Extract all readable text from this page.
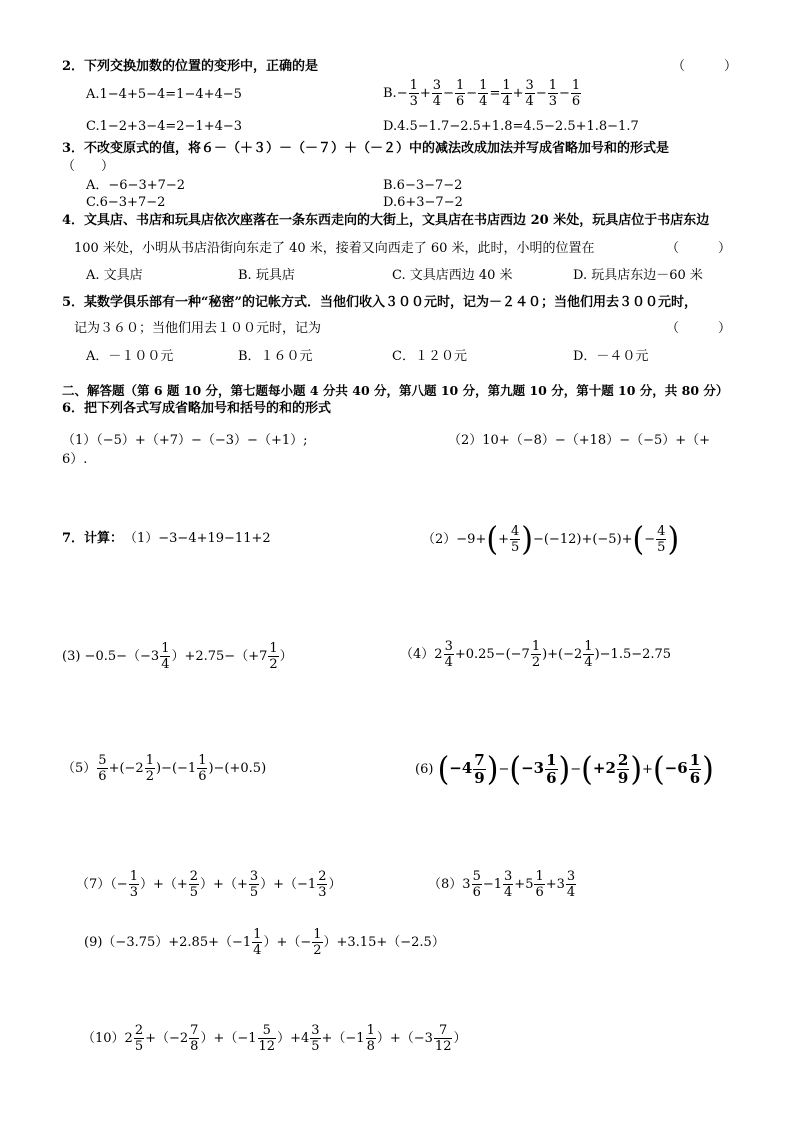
2．下列交换加数的位置的变形中，正确的是	（　　　）
A.1−4+5−4=1−4+4−5	$B.- \frac{1}{3} + \frac{3}{4} - \frac{1}{6} - \frac{1}{4} = \frac{1}{4} + \frac{3}{4} - \frac{1}{3} - \frac{1}{6}$
C.1−2+3−4=2−1+4−3	D.4.5−1.7−2.5+1.8=4.5−2.5+1.8−1.7
3．不改变原式的值，将６－（＋３）－（－７）＋（－２）中的减法改成加法并写成省略加号和的形式是
（　　）
A．−6−3+7−2	B.6−3−7−2
C.6−3+7−2	D.6+3−7−2
4．文具店、书店和玩具店依次座落在一条东西走向的大街上，文具店在书店西边 20 米处，玩具店位于书店东边
100 米处，小明从书店沿街向东走了 40 米，接着又向西走了 60 米，此时，小明的位置在	（　　　）
A. 文具店	B. 玩具店	C. 文具店西边 40 米	D. 玩具店东边－60 米
5．某数学俱乐部有一种“秘密”的记帐方式．当他们收入３００元时，记为－２４０；当他们用去３００元时，
记为３６０；当他们用去１００元时，记为	（　　　）
A．－１００元	B．１６０元	C．１２０元	D．－４０元
二、解答题（第 6 题 10 分，第七题每小题 4 分共 40 分，第八题 10 分，第九题 10 分，第十题 10 分，共 80 分）
6．把下列各式写成省略加号和括号的和的形式
（1）（−5）+（+7）−（−3）−（+1）;	（2）10+（−8）−（+18）−（−5）+（+
6）.
7．计算： （1）−3−4+19−11+2	$(2)-9+(+ \frac{4}{5} )-(-12)+(-5)+(- \frac{4}{5}$ )
$(3) -0.5-(-3 \frac{1}{4} )+2.75-(+7 \frac{1}{2}$ ）	$(4)2 \frac{3}{4} +0.25-(-7 \frac{1}{2} )+(-2 \frac{1}{4} )-1.5-2.75$
$(5) \frac{5}{6} +(-2 \frac{1}{2} )-(-1 \frac{1}{6} )-(+0.5)$	(6) $(-4 \frac{7}{9} )-(-3 \frac{1}{6} )-(+2 \frac{2}{9} )+(-6 \frac{1}{6}$ )
$(7)(- \frac{1}{3}$ ）+（+ $\frac{2}{5}$ ）+（+ $\frac{3}{5} )+(-1 \frac{2}{3}$ ）	$(8)3 \frac{5}{6} -1 \frac{3}{4} +5 \frac{1}{6} +3 \frac{3}{4}$
$(9)(-3.75)+2.85+(-1 \frac{1}{4}$ ）+（− $\frac{1}{2} )+3.15+(-2.5)$
$(10)2 \frac{2}{5} +(-2 \frac{7}{8} )+(-1 \frac{5}{12} )+4 \frac{3}{5} +(-1 \frac{1}{8} )+(-3 \frac{7}{12}$ ）
